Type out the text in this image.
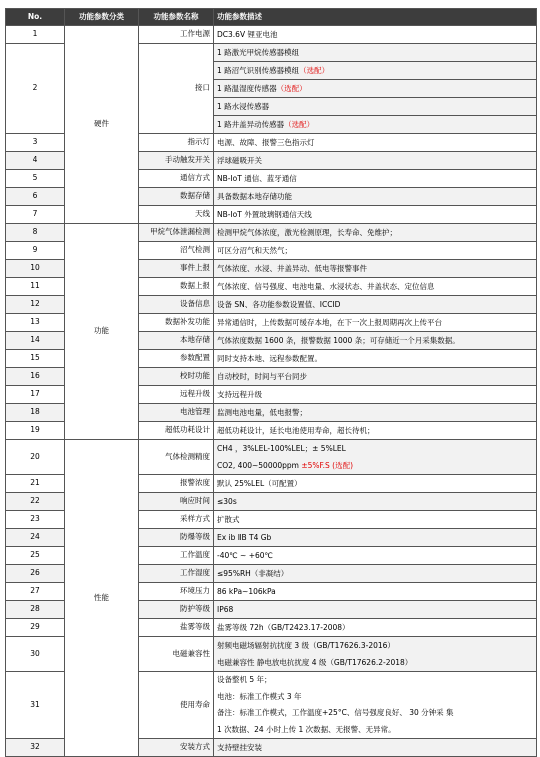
No.	功能参数分类	功能参数名称	功能参数描述
1	硬件	工作电源	DC3.6V 锂亚电池

2		接口	1 路激光甲烷传感器模组
1 路沼气识别传感器模组（选配）
1 路温湿度传感器（选配）
1 路水浸传感器
1 路井盖异动传感器（选配）

3		指示灯	电源、故障、报警三色指示灯

4		手动触发开关	浮球磁吸开关

5		通信方式	NB-IoT 通信、蓝牙通信

6		数据存储	具备数据本地存储功能

7		天线	NB-IoT 外置玻璃钢通信天线

8	功能	甲烷气体泄漏检测	检测甲烷气体浓度，激光检测原理，长寿命、免维护；

9		沼气检测	可区分沼气和天然气；

10		事件上报	气体浓度、水浸、井盖异动、低电等报警事件

11		数据上报	气体浓度、信号强度、电池电量、水浸状态、井盖状态、定位信息

12		设备信息	设备 SN、各功能参数设置值、ICCID

13		数据补发功能	异常通信时，上传数据可缓存本地，在下一次上报周期再次上传平台

14		本地存储	气体浓度数据 1600 条，报警数据 1000 条；可存储近一个月采集数据。

15		参数配置	同时支持本地、远程参数配置。

16		校时功能	自动校时，时间与平台同步

17		远程升级	支持远程升级

18		电池管理	监测电池电量，低电报警；

19		超低功耗设计	超低功耗设计，延长电池使用寿命，超长待机；

20	性能	气体检测精度	CH4 ，3%LEL-100%LEL；± 5%LEL
CO2, 400~50000ppm ±5%F.S (选配)

21		报警浓度	默认 25%LEL（可配置）

22		响应时间	≤30s

23		采样方式	扩散式

24		防爆等级	Ex ib ⅡB T4 Gb

25		工作温度	-40℃ ~ +60℃

26		工作湿度	≤95%RH（非凝结）

27		环境压力	86 kPa~106kPa

28		防护等级	IP68

29		盐雾等级	盐雾等级 72h（GB/T2423.17-2008）

30		电磁兼容性	射频电磁场辐射抗扰度 3 级（GB/T17626.3-2016）
电磁兼容性 静电放电抗扰度 4 级（GB/T17626.2-2018）

31		使用寿命	设备整机 5 年；
电池：标准工作模式 3 年
备注：标准工作模式，工作温度+25°C、信号强度良好、 30 分钟采 集
1 次数据、24 小时上传 1 次数据、无报警、无异常。

32		安装方式	支持壁挂安装
